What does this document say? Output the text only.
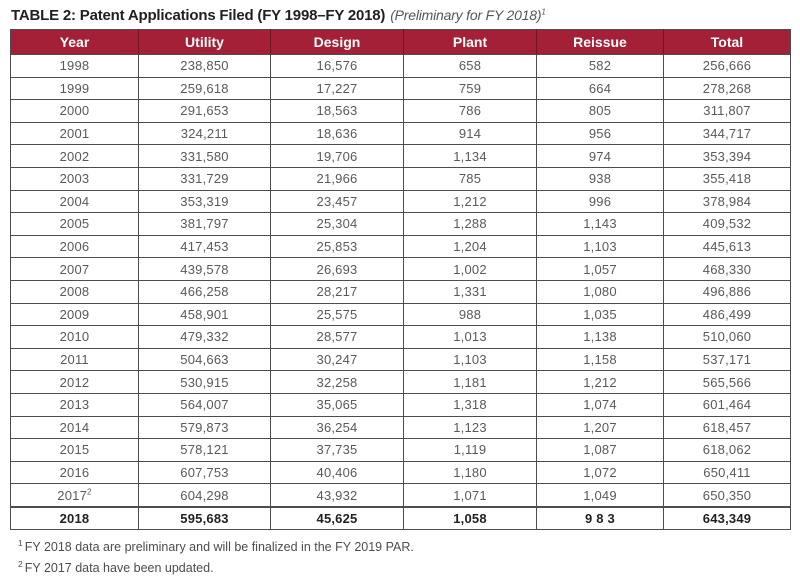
TABLE 2: Patent Applications Filed (FY 1998–FY 2018) (Preliminary for FY 2018)$^1$
Year	Utility	Design	Plant	Reissue	Total
1998	238,850	16,576	658	582	256,666
1999	259,618	17,227	759	664	278,268
2000	291,653	18,563	786	805	311,807
2001	324,211	18,636	914	956	344,717
2002	331,580	19,706	1,134	974	353,394
2003	331,729	21,966	785	938	355,418
2004	353,319	23,457	1,212	996	378,984
2005	381,797	25,304	1,288	1,143	409,532
2006	417,453	25,853	1,204	1,103	445,613
2007	439,578	26,693	1,002	1,057	468,330
2008	466,258	28,217	1,331	1,080	496,886
2009	458,901	25,575	988	1,035	486,499
2010	479,332	28,577	1,013	1,138	510,060
2011	504,663	30,247	1,103	1,158	537,171
2012	530,915	32,258	1,181	1,212	565,566
2013	564,007	35,065	1,318	1,074	601,464
2014	579,873	36,254	1,123	1,207	618,457
2015	578,121	37,735	1,119	1,087	618,062
2016	607,753	40,406	1,180	1,072	650,411
2017$^2$	604,298	43,932	1,071	1,049	650,350
2018	595,683	45,625	1,058	9 8 3	643,349
$^1$ FY 2018 data are preliminary and will be finalized in the FY 2019 PAR.
$^2$ FY 2017 data have been updated.
